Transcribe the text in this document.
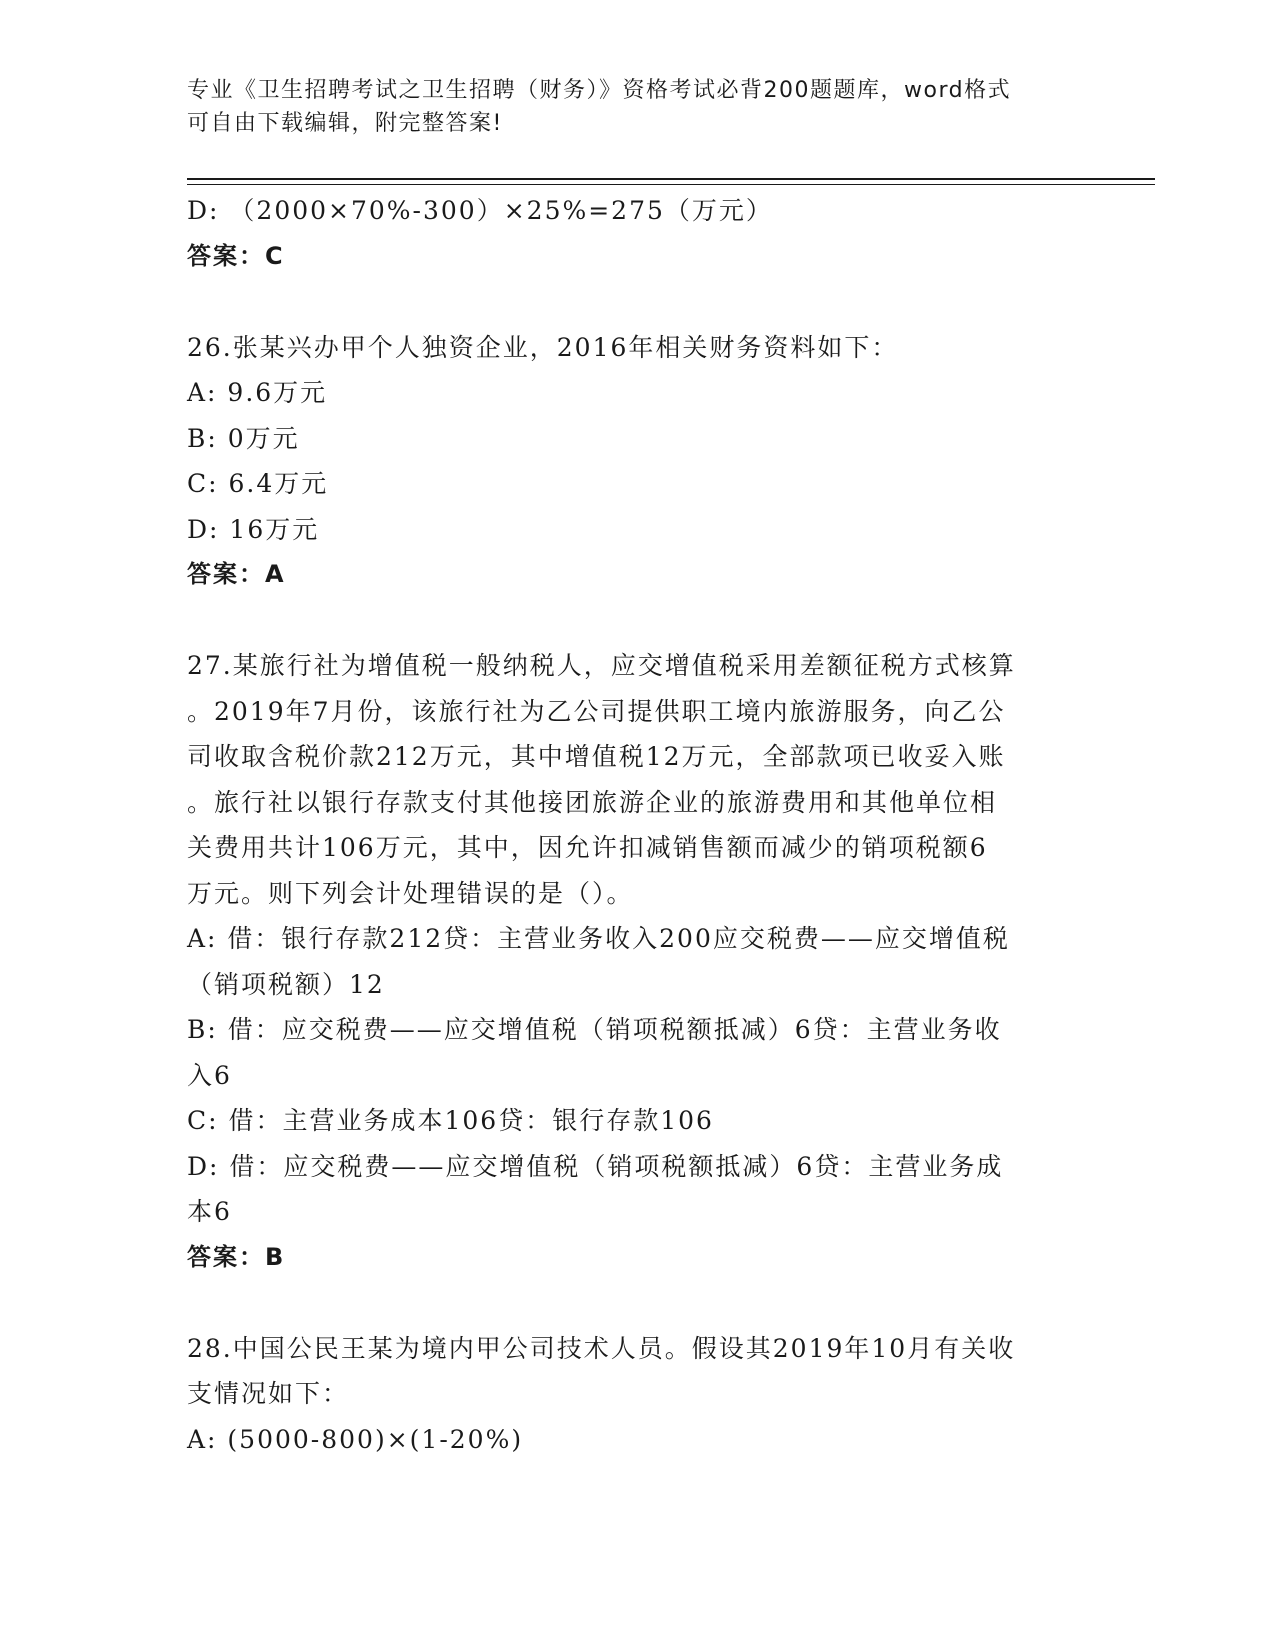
专业《卫生招聘考试之卫生招聘（财务）》资格考试必背200题题库，word格式
可自由下载编辑，附完整答案!
D: （2000×70%-300）×25%=275（万元）
答案：C
26.张某兴办甲个人独资企业，2016年相关财务资料如下：
A: 9.6万元
B: 0万元
C: 6.4万元
D: 16万元
答案：A
27.某旅行社为增值税一般纳税人，应交增值税采用差额征税方式核算
。2019年7月份，该旅行社为乙公司提供职工境内旅游服务，向乙公
司收取含税价款212万元，其中增值税12万元，全部款项已收妥入账
。旅行社以银行存款支付其他接团旅游企业的旅游费用和其他单位相
关费用共计106万元，其中，因允许扣减销售额而减少的销项税额6
万元。则下列会计处理错误的是（）。
A: 借：银行存款212贷：主营业务收入200应交税费——应交增值税
（销项税额）12
B: 借：应交税费——应交增值税（销项税额抵减）6贷：主营业务收
入6
C: 借：主营业务成本106贷：银行存款106
D: 借：应交税费——应交增值税（销项税额抵减）6贷：主营业务成
本6
答案：B
28.中国公民王某为境内甲公司技术人员。假设其2019年10月有关收
支情况如下：
A: (5000-800)×(1-20%)
